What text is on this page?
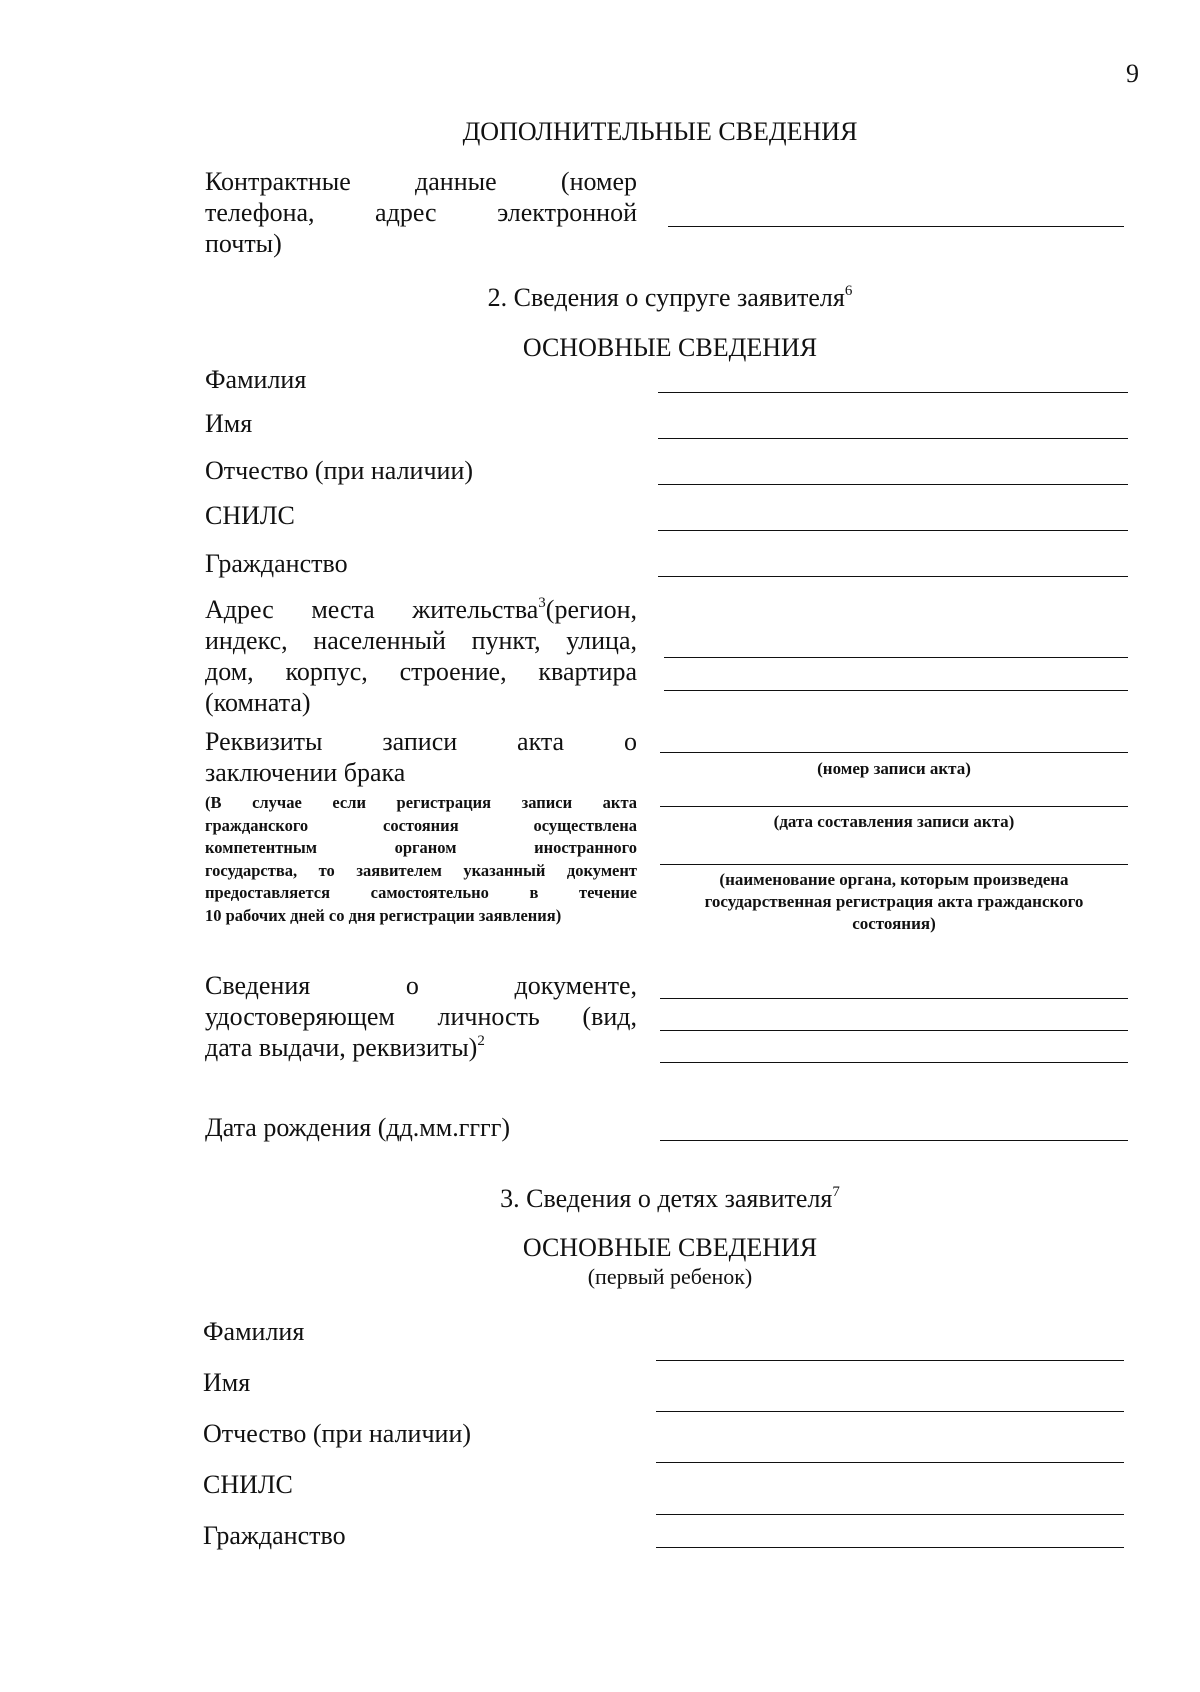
9
ДОПОЛНИТЕЛЬНЫЕ СВЕДЕНИЯ
Контрактные данные (номер
телефона, адрес электронной
почты)
2. Сведения о супруге заявителя$^6$
ОСНОВНЫЕ СВЕДЕНИЯ
Фамилия
Имя
Отчество (при наличии)
СНИЛС
Гражданство
Адрес места жительства$^3$(регион,
индекс, населенный пункт, улица,
дом, корпус, строение, квартира
(комната)
Реквизиты записи акта о
заключении брака
(В случае если регистрация записи акта
гражданского состояния осуществлена
компетентным органом иностранного
государства, то заявителем указанный документ
предоставляется самостоятельно в течение
10 рабочих дней со дня регистрации заявления)
(номер записи акта)
(дата составления записи акта)
(наименование органа, которым произведена
государственная регистрация акта гражданского
состояния)
Сведения о документе,
удостоверяющем личность (вид,
дата выдачи, реквизиты)$^2$
Дата рождения (дд.мм.гггг)
3. Сведения о детях заявителя$^7$
ОСНОВНЫЕ СВЕДЕНИЯ
(первый ребенок)
Фамилия
Имя
Отчество (при наличии)
СНИЛС
Гражданство
